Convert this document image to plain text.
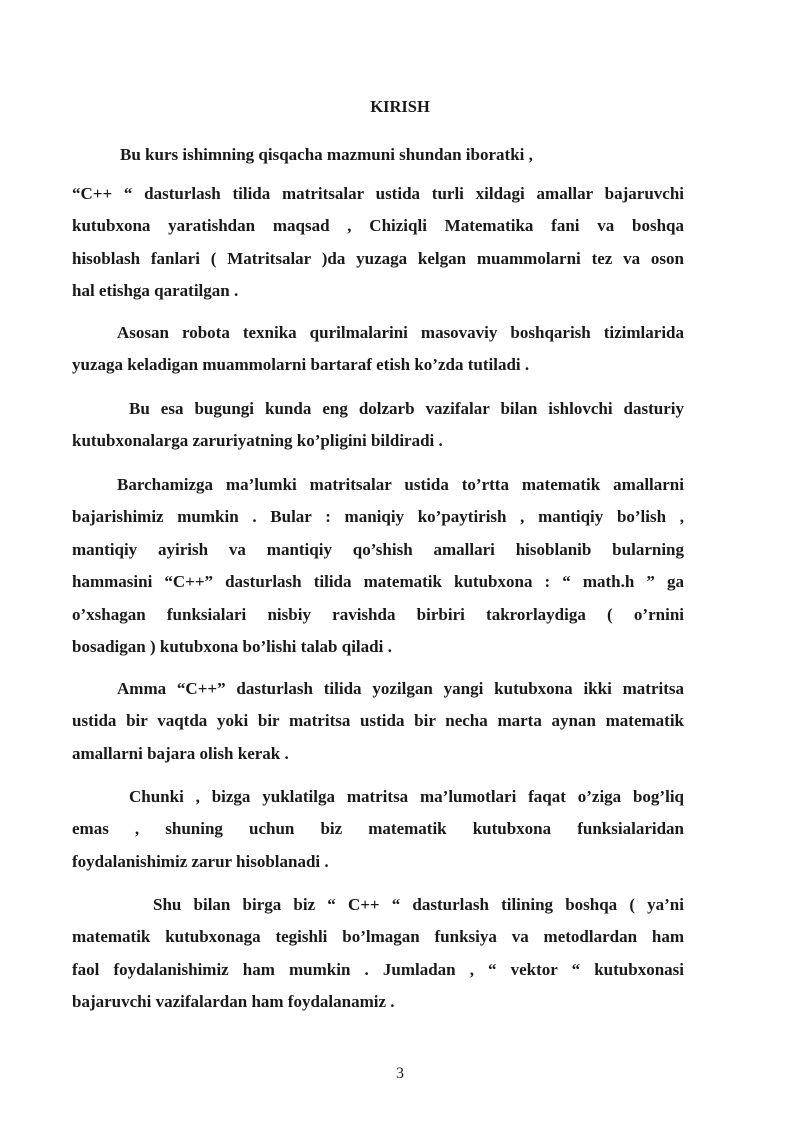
KIRISH
Bu kurs ishimning qisqacha mazmuni shundan iboratki ,
“C++ “ dasturlash tilida matritsalar ustida turli xildagi amallar bajaruvchi
kutubxona yaratishdan maqsad , Chiziqli Matematika fani va boshqa
hisoblash fanlari ( Matritsalar )da yuzaga kelgan muammolarni tez va oson
hal etishga qaratilgan .
Asosan robota texnika qurilmalarini masovaviy boshqarish tizimlarida
yuzaga keladigan muammolarni bartaraf etish ko’zda tutiladi .
Bu esa bugungi kunda eng dolzarb vazifalar bilan ishlovchi dasturiy
kutubxonalarga zaruriyatning ko’pligini bildiradi .
Barchamizga ma’lumki matritsalar ustida to’rtta matematik amallarni
bajarishimiz mumkin . Bular : maniqiy ko’paytirish , mantiqiy bo’lish ,
mantiqiy ayirish va mantiqiy qo’shish amallari hisoblanib bularning
hammasini “C++” dasturlash tilida matematik kutubxona : “ math.h ” ga
o’xshagan funksialari nisbiy ravishda birbiri takrorlaydiga ( o’rnini
bosadigan ) kutubxona bo’lishi talab qiladi .
Amma “C++” dasturlash tilida yozilgan yangi kutubxona ikki matritsa
ustida bir vaqtda yoki bir matritsa ustida bir necha marta aynan matematik
amallarni bajara olish kerak .
Chunki , bizga yuklatilga matritsa ma’lumotlari faqat o’ziga bog’liq
emas , shuning uchun biz matematik kutubxona funksialaridan
foydalanishimiz zarur hisoblanadi .
Shu bilan birga biz “ C++ “ dasturlash tilining boshqa ( ya’ni
matematik kutubxonaga tegishli bo’lmagan funksiya va metodlardan ham
faol foydalanishimiz ham mumkin . Jumladan , “ vektor “ kutubxonasi
bajaruvchi vazifalardan ham foydalanamiz .
3
